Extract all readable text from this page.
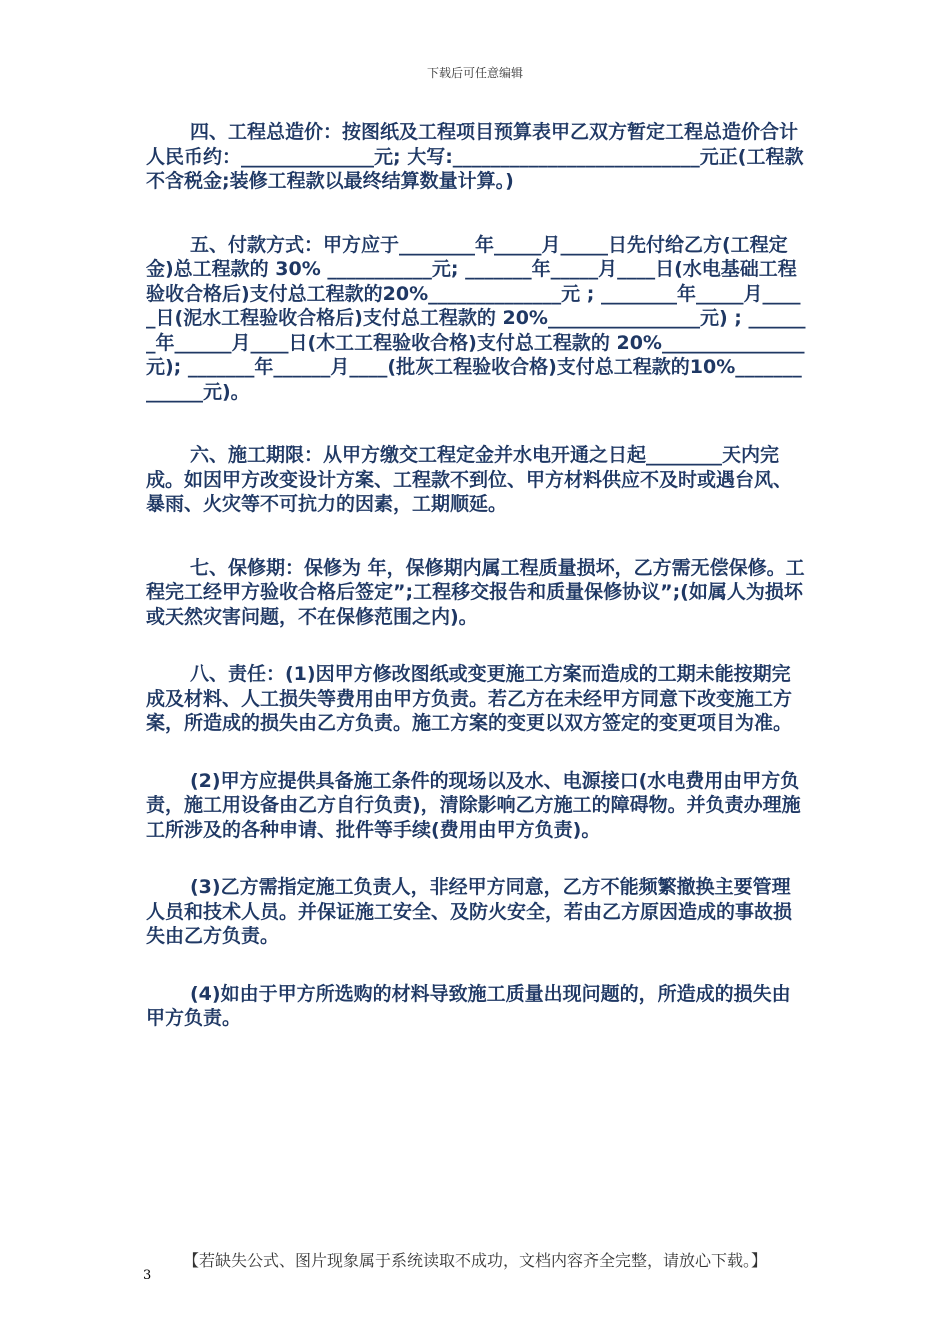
下载后可任意编辑

四、工程总造价：按图纸及工程项目预算表甲乙双方暂定工程总造价合计人民币约：______________元; 大写:__________________________元正(工程款不含税金;装修工程款以最终结算数量计算。)

五、付款方式：甲方应于________年_____月_____日先付给乙方(工程定金)总工程款的 30% ___________元; _______年_____月____日(水电基础工程验收合格后)支付总工程款的20%______________元 ; ________年_____月_____日(泥水工程验收合格后)支付总工程款的 20%________________元) ; _______年______月____日(木工工程验收合格)支付总工程款的 20%_______________元); _______年______月____(批灰工程验收合格)支付总工程款的10%_____________元)。

六、施工期限：从甲方缴交工程定金并水电开通之日起________天内完成。如因甲方改变设计方案、工程款不到位、甲方材料供应不及时或遇台风、暴雨、火灾等不可抗力的因素，工期顺延。

七、保修期：保修为 年，保修期内属工程质量损坏，乙方需无偿保修。工程完工经甲方验收合格后签定”;工程移交报告和质量保修协议”;(如属人为损坏或天然灾害问题，不在保修范围之内)。

八、责任：(1)因甲方修改图纸或变更施工方案而造成的工期未能按期完成及材料、人工损失等费用由甲方负责。若乙方在未经甲方同意下改变施工方案，所造成的损失由乙方负责。施工方案的变更以双方签定的变更项目为准。

(2)甲方应提供具备施工条件的现场以及水、电源接口(水电费用由甲方负责，施工用设备由乙方自行负责)，清除影响乙方施工的障碍物。并负责办理施工所涉及的各种申请、批件等手续(费用由甲方负责)。

(3)乙方需指定施工负责人，非经甲方同意，乙方不能频繁撤换主要管理人员和技术人员。并保证施工安全、及防火安全，若由乙方原因造成的事故损失由乙方负责。

(4)如由于甲方所选购的材料导致施工质量出现问题的，所造成的损失由甲方负责。

【若缺失公式、图片现象属于系统读取不成功，文档内容齐全完整，请放心下载。】
3
